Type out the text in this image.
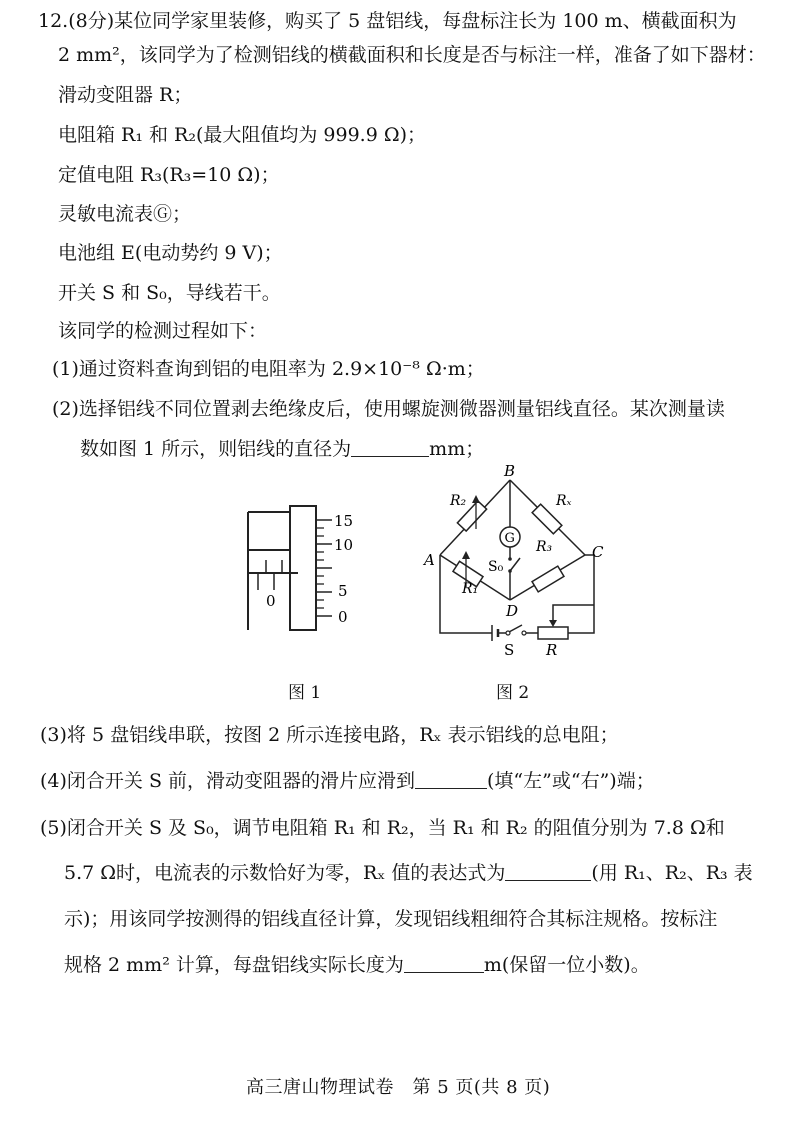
12.(8分)某位同学家里装修，购买了 5 盘铝线，每盘标注长为 100 m、横截面积为
2 mm²，该同学为了检测铝线的横截面积和长度是否与标注一样，准备了如下器材：
滑动变阻器 R；
电阻箱 R₁ 和 R₂(最大阻值均为 999.9 Ω)；
定值电阻 R₃(R₃=10 Ω)；
灵敏电流表Ⓖ；
电池组 E(电动势约 9 V)；
开关 S 和 S₀，导线若干。
该同学的检测过程如下：
(1)通过资料查询到铝的电阻率为 2.9×10⁻⁸ Ω·m；
(2)选择铝线不同位置剥去绝缘皮后，使用螺旋测微器测量铝线直径。某次测量读
数如图 1 所示，则铝线的直径为	mm；
0
15
10
5
0
图 1
G
B
A	C
D
R₂	Rₓ
R₃
R₁
S₀
S R
图 2
(3)将 5 盘铝线串联，按图 2 所示连接电路，Rₓ 表示铝线的总电阻；
(4)闭合开关 S 前，滑动变阻器的滑片应滑到	(填“左”或“右”)端；
(5)闭合开关 S 及 S₀，调节电阻箱 R₁ 和 R₂，当 R₁ 和 R₂ 的阻值分别为 7.8 Ω和
5.7 Ω时，电流表的示数恰好为零，Rₓ 值的表达式为	(用 R₁、R₂、R₃ 表
示)；用该同学按测得的铝线直径计算，发现铝线粗细符合其标注规格。按标注
规格 2 mm² 计算，每盘铝线实际长度为	m(保留一位小数)。
高三唐山物理试卷　第 5 页(共 8 页)
